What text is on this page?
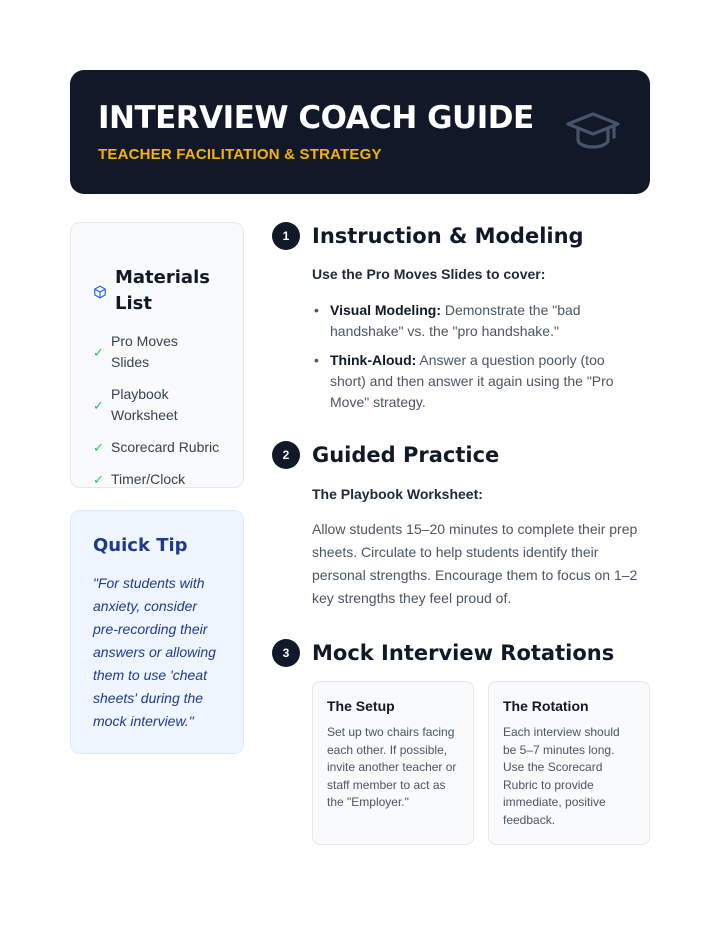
INTERVIEW COACH GUIDE
TEACHER FACILITATION & STRATEGY
Materials List
✓
Pro Moves Slides
✓
Playbook Worksheet
✓ Scorecard Rubric
✓ Timer/Clock
Quick Tip
"For students with anxiety, consider pre-recording their answers or allowing them to use 'cheat sheets' during the mock interview."
1	Instruction & Modeling
Use the Pro Moves Slides to cover:
• Visual Modeling: Demonstrate the "bad handshake" vs. the "pro handshake."
• Think-Aloud: Answer a question poorly (too short) and then answer it again using the "Pro Move" strategy.
2	Guided Practice
The Playbook Worksheet:
Allow students 15–20 minutes to complete their prep sheets. Circulate to help students identify their personal strengths. Encourage them to focus on 1–2 key strengths they feel proud of.
3	Mock Interview Rotations
The Setup
Set up two chairs facing each other. If possible, invite another teacher or staff member to act as the "Employer."
The Rotation
Each interview should be 5–7 minutes long. Use the Scorecard Rubric to provide immediate, positive feedback.
